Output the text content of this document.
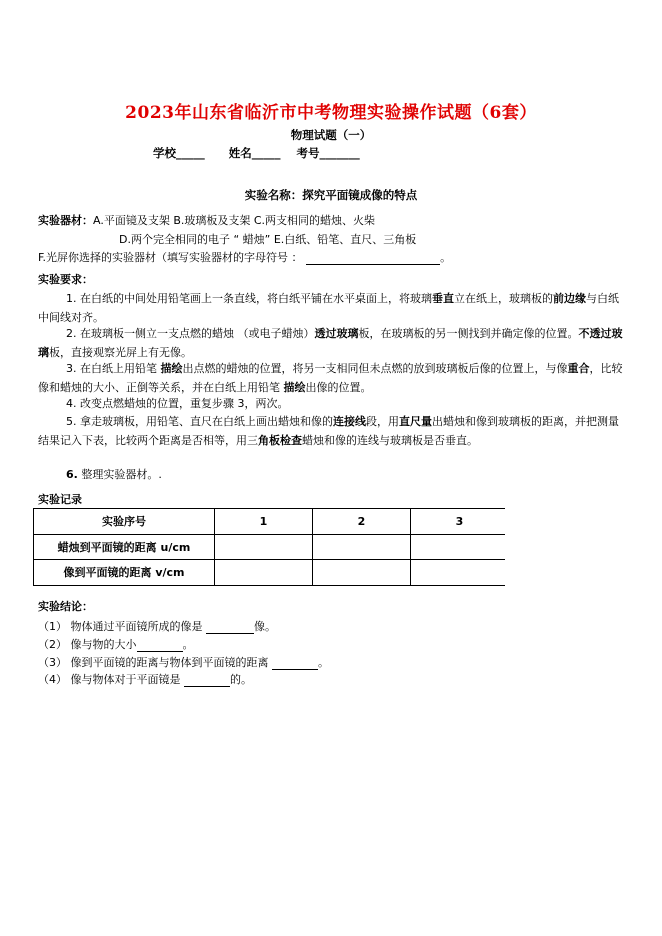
2023年山东省临沂市中考物理实验操作试题（6套）
物理试题（一）
学校_____ 姓名_____ 考号_______
实验名称：探究平面镜成像的特点
实验器材：A.平面镜及支架 B.玻璃板及支架 C.两支相同的蜡烛、火柴
D.两个完全相同的电子 “ 蜡烛” E.白纸、铅笔、直尺、三角板
F.光屏你选择的实验器材（填写实验器材的字母符号 ：	。
实验要求：
1. 在白纸的中间处用铅笔画上一条直线，将白纸平铺在水平桌面上，将玻璃垂直立在纸上，玻璃板的前边缘与白纸中间线对齐。
2. 在玻璃板一侧立一支点燃的蜡烛 （或电子蜡烛）透过玻璃板，在玻璃板的另一侧找到并确定像的位置。不透过玻璃板，直接观察光屏上有无像。
3. 在白纸上用铅笔 描绘出点燃的蜡烛的位置，将另一支相同但未点燃的放到玻璃板后像的位置上，与像重合，比较像和蜡烛的大小、正倒等关系，并在白纸上用铅笔 描绘出像的位置。
4. 改变点燃蜡烛的位置，重复步骤 3，两次。
5. 拿走玻璃板，用铅笔、直尺在白纸上画出蜡烛和像的连接线段，用直尺量出蜡烛和像到玻璃板的距离，并把测量结果记入下表，比较两个距离是否相等，用三角板检查蜡烛和像的连线与玻璃板是否垂直。
6. 整理实验器材。.
实验记录
实验序号	1	2	3
蜡烛到平面镜的距离 u/cm			
像到平面镜的距离 v/cm			
实验结论：
（1） 物体通过平面镜所成的像是	像。
（2） 像与物的大小	。
（3） 像到平面镜的距离与物体到平面镜的距离	。
（4） 像与物体对于平面镜是	的。
